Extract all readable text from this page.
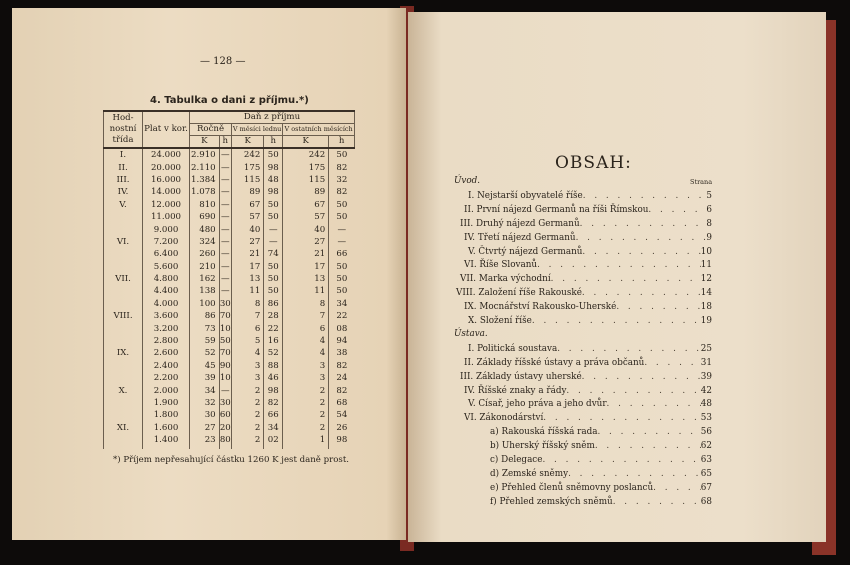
— 128 —
4. Tabulka o dani z příjmu.*)
Hod-nostní třída	Plat v kor.	Daň z příjmu					
		Ročně		V měsíci lednu		V ostatních měsících	
		K	h	K	h	K	h
I.	24.000	2.910	—	242	50	242	50
II.	20.000	2.110	—	175	98	175	82
III.	16.000	1.384	—	115	48	115	32
IV.	14.000	1.078	—	89	98	89	82
V.	12.000	810	—	67	50	67	50
	11.000	690	—	57	50	57	50
	9.000	480	—	40	—	40	—
VI.	7.200	324	—	27	—	27	—
	6.400	260	—	21	74	21	66
	5.600	210	—	17	50	17	50
VII.	4.800	162	—	13	50	13	50
	4.400	138	—	11	50	11	50
	4.000	100	30	8	86	8	34
VIII.	3.600	86	70	7	28	7	22
	3.200	73	10	6	22	6	08
	2.800	59	50	5	16	4	94
IX.	2.600	52	70	4	52	4	38
	2.400	45	90	3	88	3	82
	2.200	39	10	3	46	3	24
X.	2.000	34	—	2	98	2	82
	1.900	32	30	2	82	2	68
	1.800	30	60	2	66	2	54
XI.	1.600	27	20	2	34	2	26
	1.400	23	80	2	02	1	98
*) Příjem nepřesahující částku 1260 K jest daně prost.
OBSAH:
Strana
Úvod.
I. Nejstarší obyvatelé říše . . .	5
II. První nájezd Germanů na říši Římskou . . .	6
III. Druhý nájezd Germanů . . .	8
IV. Třetí nájezd Germanů . . .	9
V. Čtvrtý nájezd Germanů . . .	10
VI. Říše Slovanů . . .	11
VII. Marka východní . . .	12
VIII. Založení říše Rakouské . . .	14
IX. Mocnářství Rakousko-Uherské . . .	18
X. Složení říše . . .	19
Ústava.
I. Politická soustava . . .	25
II. Základy říšské ústavy a práva občanů . . .	31
III. Základy ústavy uherské . . .	39
IV. Říšské znaky a řády . . .	42
V. Císař, jeho práva a jeho dvůr . . .	48
VI. Zákonodárství . . .	53
a) Rakouská říšská rada . . .	56
b) Uherský říšský sněm . . .	62
c) Delegace . . .	63
d) Zemské sněmy . . .	65
e) Přehled členů sněmovny poslanců . . .	67
f) Přehled zemských sněmů . . .	68
